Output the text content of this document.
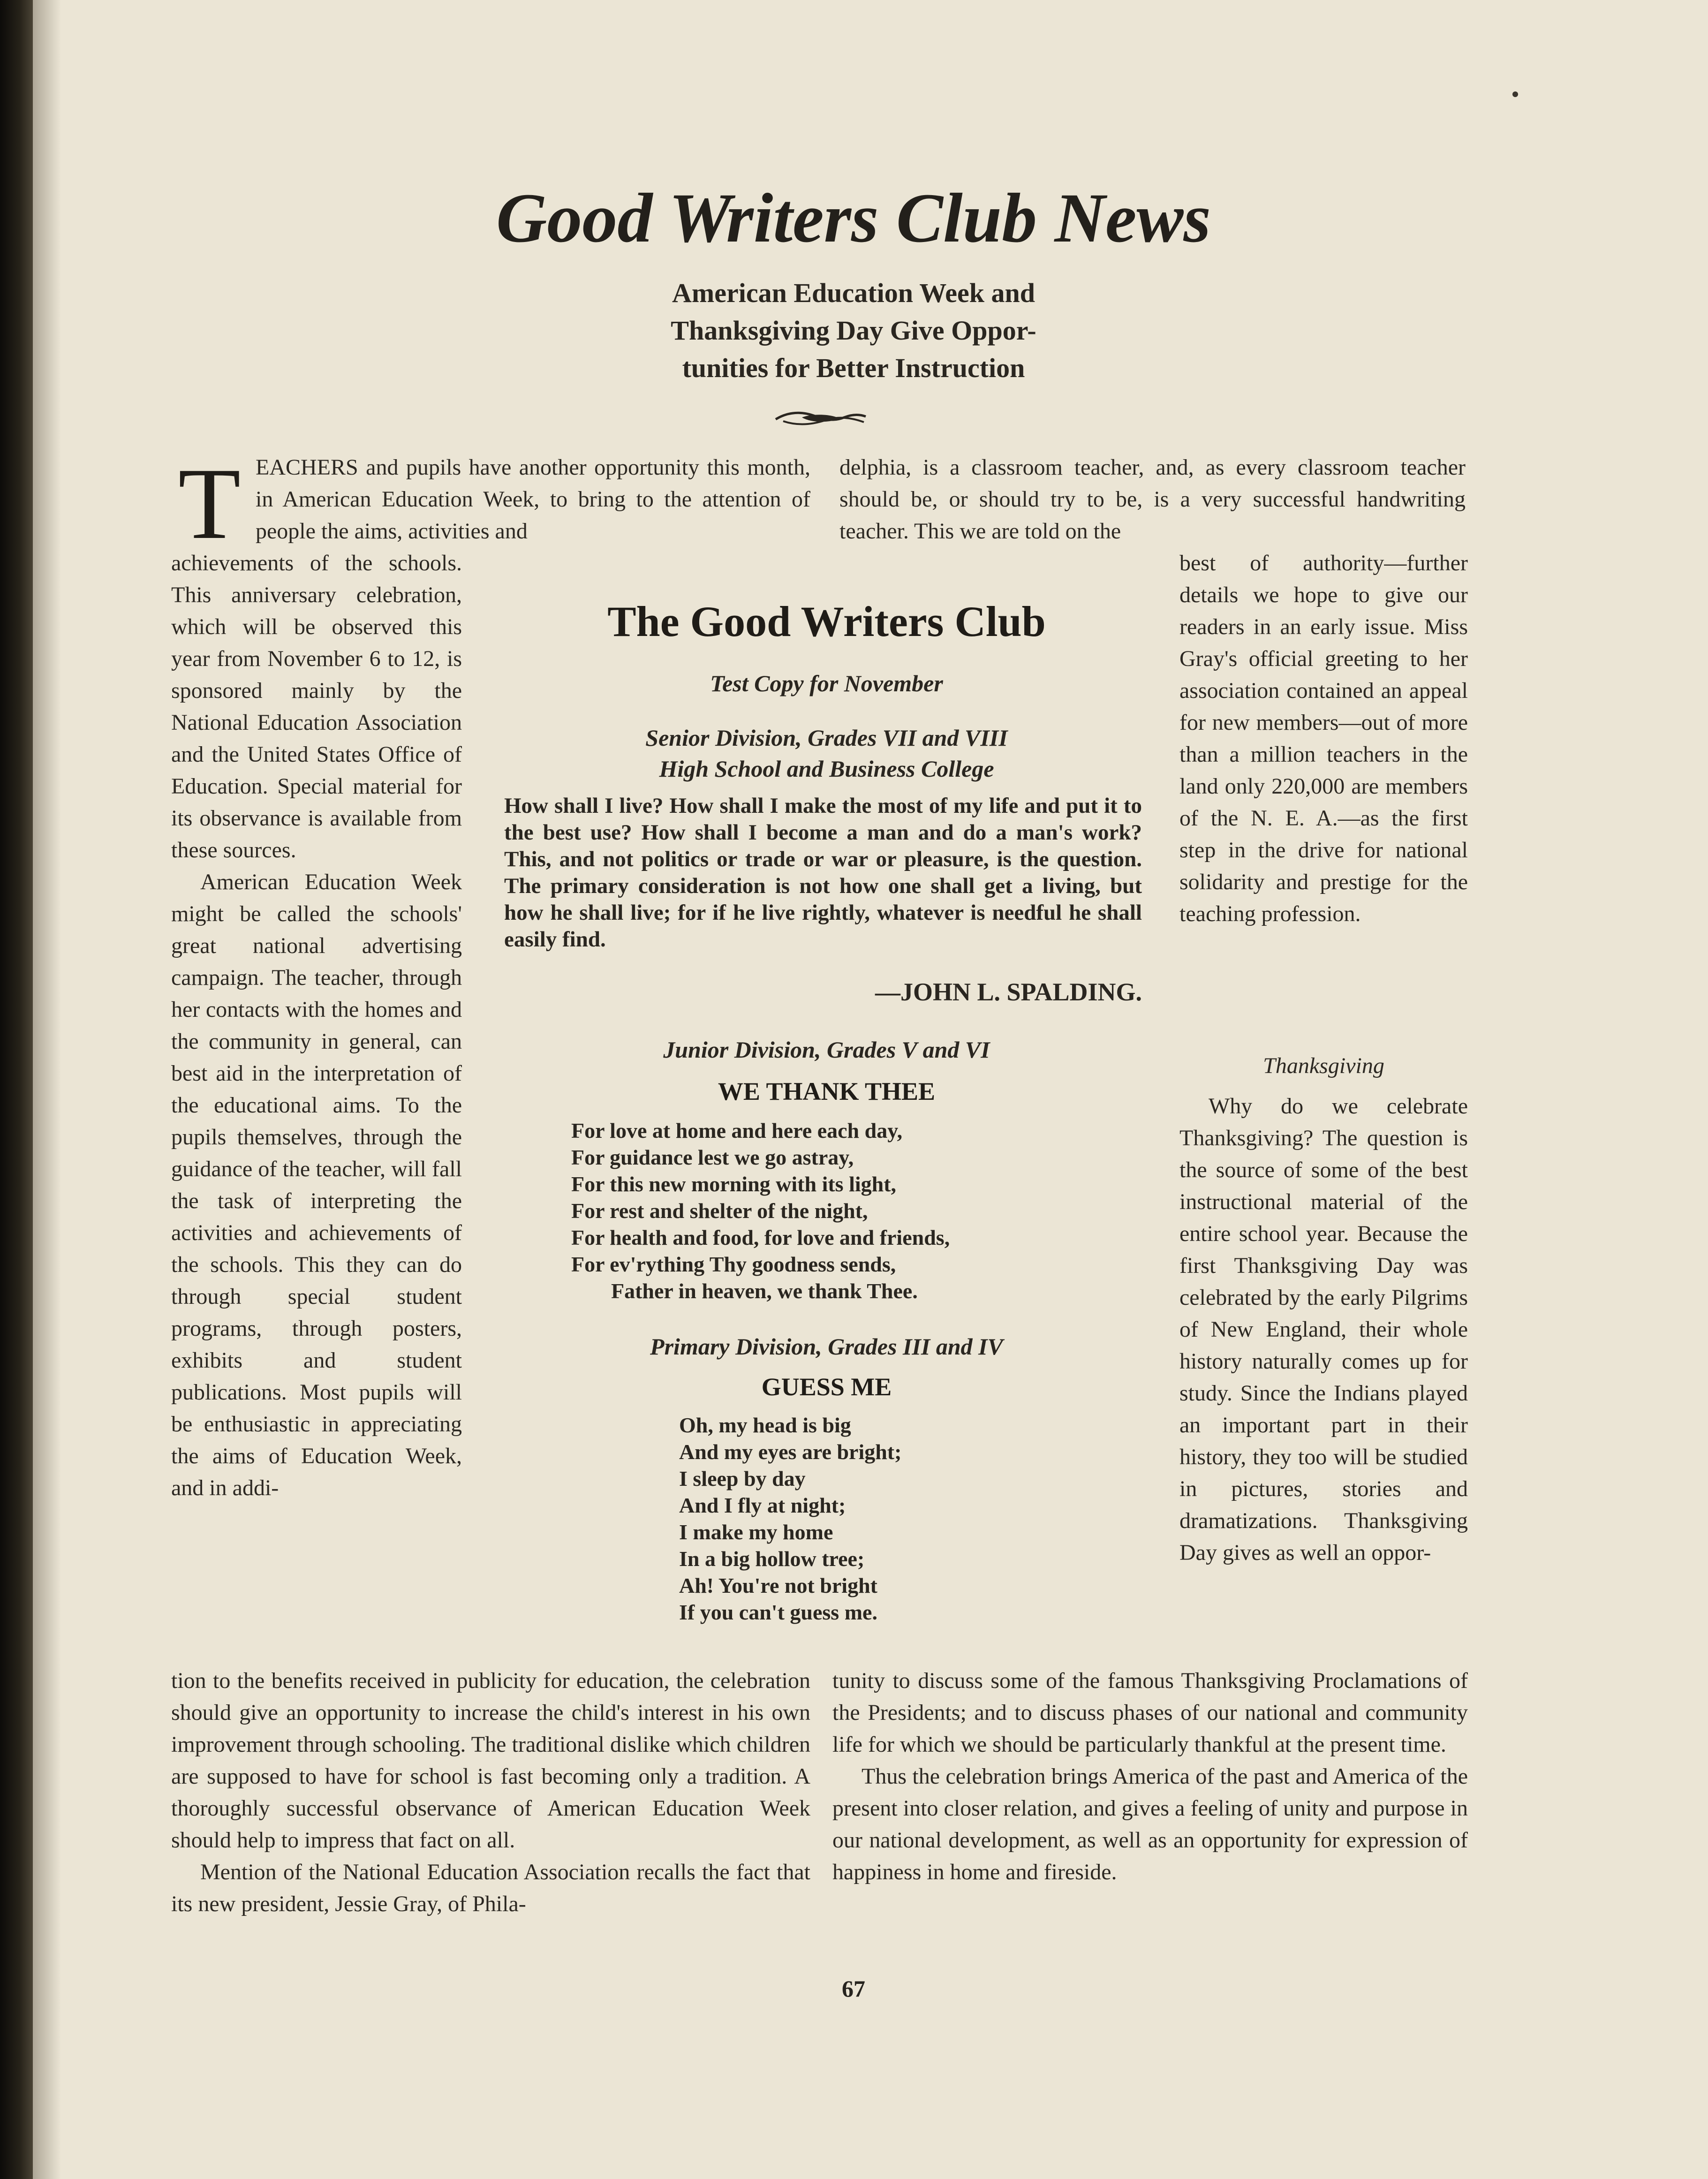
Good Writers Club News
American Education Week and
Thanksgiving Day Give Oppor-
tunities for Better Instruction
T EACHERS and pupils have another opportunity this month, in American Education Week, to bring to the attention of people the aims, activities and

achievements of the schools. This anniversary celebration, which will be observed this year from November 6 to 12, is sponsored mainly by the National Education Association and the United States Office of Education. Special material for its observance is available from these sources.

American Education Week might be called the schools' great national advertising campaign. The teacher, through her contacts with the homes and the community in general, can best aid in the interpretation of the educational aims. To the pupils themselves, through the guidance of the teacher, will fall the task of interpreting the activities and achievements of the schools. This they can do through special student programs, through posters, exhibits and student publications. Most pupils will be enthusiastic in appreciating the aims of Education Week, and in addi-

tion to the benefits received in publicity for education, the celebration should give an opportunity to increase the child's interest in his own improvement through schooling. The traditional dislike which children are supposed to have for school is fast becoming only a tradition. A thoroughly successful observance of American Education Week should help to impress that fact on all.

Mention of the National Education Association recalls the fact that its new president, Jessie Gray, of Phila-

delphia, is a classroom teacher, and, as every classroom teacher should be, or should try to be, is a very successful handwriting teacher. This we are told on the

best of authority—further details we hope to give our readers in an early issue. Miss Gray's official greeting to her association contained an appeal for new members—out of more than a million teachers in the land only 220,000 are members of the N. E. A.—as the first step in the drive for national solidarity and prestige for the teaching profession.

Thanksgiving

Why do we celebrate Thanksgiving? The question is the source of some of the best instructional material of the entire school year. Because the first Thanksgiving Day was celebrated by the early Pilgrims of New England, their whole history naturally comes up for study. Since the Indians played an important part in their history, they too will be studied in pictures, stories and dramatizations. Thanksgiving Day gives as well an oppor-

tunity to discuss some of the famous Thanksgiving Proclamations of the Presidents; and to discuss phases of our national and community life for which we should be particularly thankful at the present time.

Thus the celebration brings America of the past and America of the present into closer relation, and gives a feeling of unity and purpose in our national development, as well as an opportunity for expression of happiness in home and fireside.

The Good Writers Club
Test Copy for November
Senior Division, Grades VII and VIII
High School and Business College
How shall I live? How shall I make the most of my life and put it to the best use? How shall I become a man and do a man's work? This, and not politics or trade or war or pleasure, is the question. The primary consideration is not how one shall get a living, but how he shall live; for if he live rightly, whatever is needful he shall easily find.
—JOHN L. SPALDING.
Junior Division, Grades V and VI
WE THANK THEE
For love at home and here each day,
For guidance lest we go astray,
For this new morning with its light,
For rest and shelter of the night,
For health and food, for love and friends,
For ev'rything Thy goodness sends,
Father in heaven, we thank Thee.
Primary Division, Grades III and IV
GUESS ME
Oh, my head is big
And my eyes are bright;
I sleep by day
And I fly at night;
I make my home
In a big hollow tree;
Ah! You're not bright
If you can't guess me.
67
